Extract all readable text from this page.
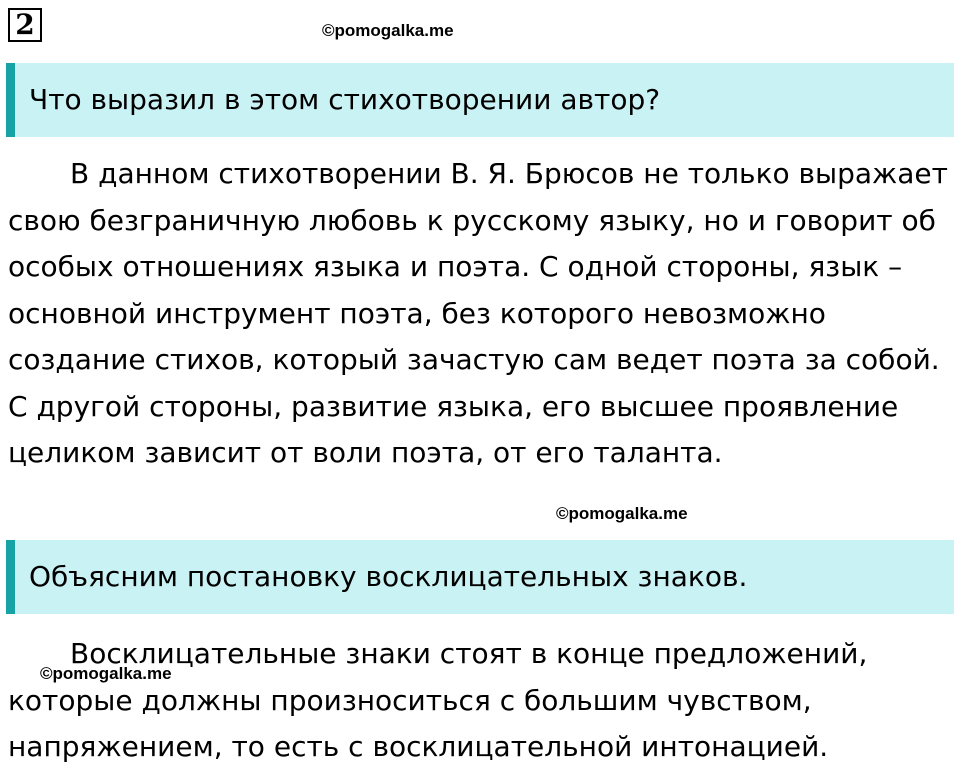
2	©pomogalka.me
Что выразил в этом стихотворении автор?

В данном стихотворении В. Я. Брюсов не только выражает свою безграничную любовь к русскому языку, но и говорит об особых отношениях языка и поэта. С одной стороны, язык – основной инструмент поэта, без которого невозможно создание стихов, который зачастую сам ведет поэта за собой. С другой стороны, развитие языка, его высшее проявление целиком зависит от воли поэта, от его таланта.

©pomogalka.me
Объясним постановку восклицательных знаков.
©pomogalka.me

Восклицательные знаки стоят в конце предложений, которые должны произноситься с большим чувством, напряжением, то есть с восклицательной интонацией.
